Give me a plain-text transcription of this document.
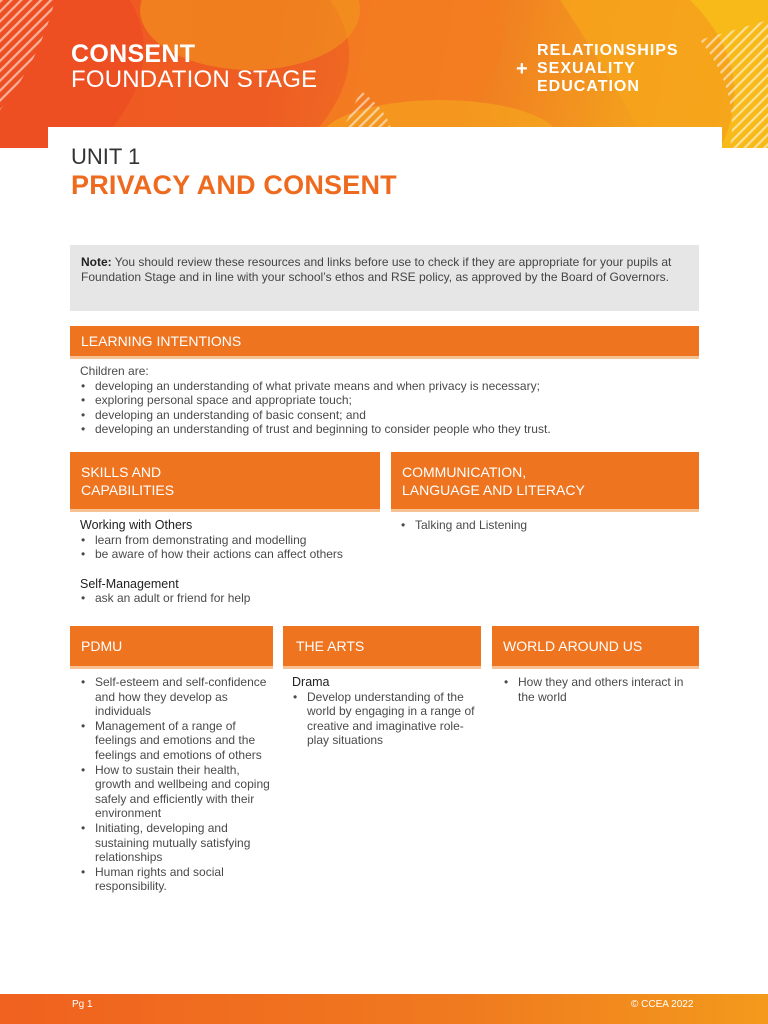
CONSENT
FOUNDATION STAGE	+
RELATIONSHIPS
SEXUALITY
EDUCATION
UNIT 1
PRIVACY AND CONSENT
Note: You should review these resources and links before use to check if they are appropriate for your pupils at Foundation Stage and in line with your school’s ethos and RSE policy, as approved by the Board of Governors.
LEARNING INTENTIONS
Children are:
• developing an understanding of what private means and when privacy is necessary;
• exploring personal space and appropriate touch;
• developing an understanding of basic consent; and
• developing an understanding of trust and beginning to consider people who they trust.
SKILLS AND
CAPABILITIES
Working with Others
• learn from demonstrating and modelling
• be aware of how their actions can affect others
Self-Management
• ask an adult or friend for help
COMMUNICATION,
LANGUAGE AND LITERACY
• Talking and Listening
PDMU
• Self-esteem and self-confidence and how they develop as individuals
• Management of a range of feelings and emotions and the feelings and emotions of others
• How to sustain their health, growth and wellbeing and coping safely and efficiently with their environment
• Initiating, developing and sustaining mutually satisfying relationships
• Human rights and social responsibility.
THE ARTS
Drama
• Develop understanding of the world by engaging in a range of creative and imaginative role-play situations
WORLD AROUND US
• How they and others interact in the world
Pg 1	© CCEA 2022
